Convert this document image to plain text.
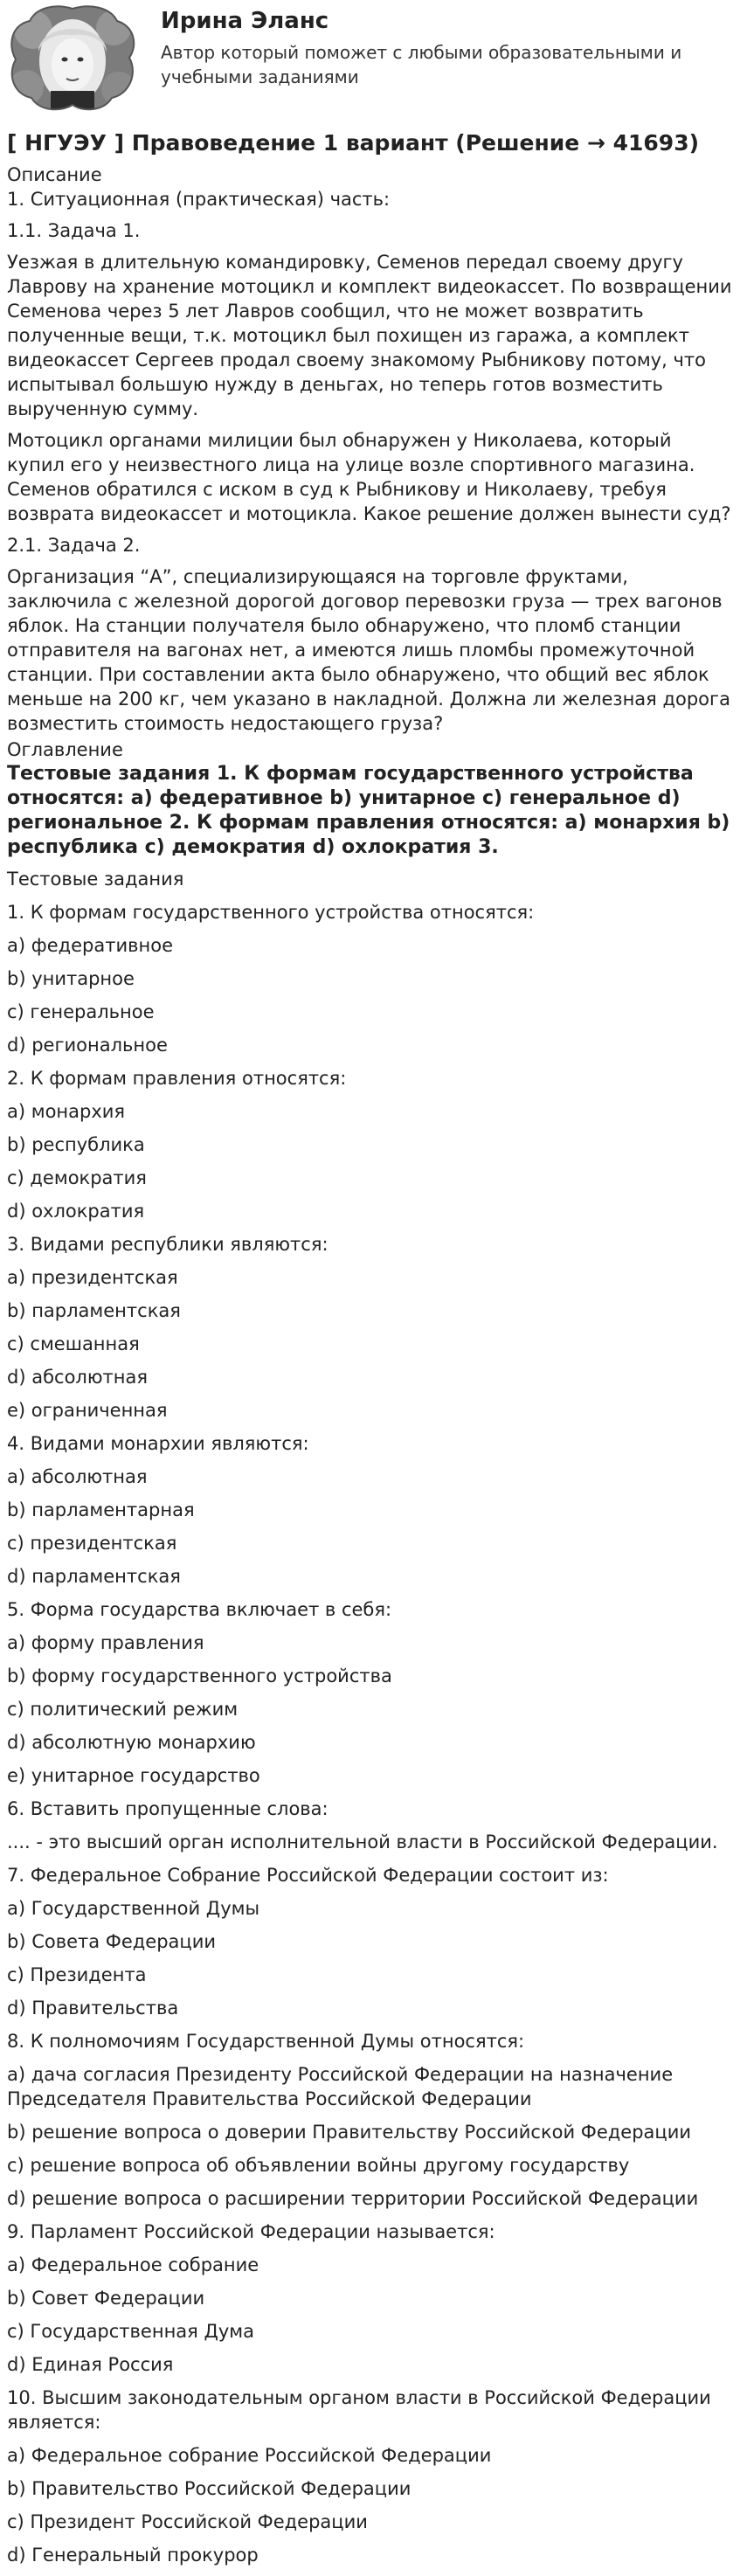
Ирина Эланс
Автор который поможет с любыми образовательными и учебными заданиями
[ НГУЭУ ] Правоведение 1 вариант (Решение → 41693)

Описание

1. Ситуационная (практическая) часть:

1.1. Задача 1.

Уезжая в длительную командировку, Семенов передал своему другу Лаврову на хранение мотоцикл и комплект видеокассет. По возвращении Семенова через 5 лет Лавров сообщил, что не может возвратить полученные вещи, т.к. мотоцикл был похищен из гаража, а комплект видеокассет Сергеев продал своему знакомому Рыбникову потому, что испытывал большую нужду в деньгах, но теперь готов возместить вырученную сумму.

Мотоцикл органами милиции был обнаружен у Николаева, который купил его у неизвестного лица на улице возле спортивного магазина. Семенов обратился с иском в суд к Рыбникову и Николаеву, требуя возврата видеокассет и мотоцикла. Какое решение должен вынести суд?

2.1. Задача 2.

Организация “А”, специализирующаяся на торговле фруктами, заключила с железной дорогой договор перевозки груза — трех вагонов яблок. На станции получателя было обнаружено, что пломб станции отправителя на вагонах нет, а имеются лишь пломбы промежуточной станции. При составлении акта было обнаружено, что общий вес яблок меньше на 200 кг, чем указано в накладной. Должна ли железная дорога возместить стоимость недостающего груза?

Оглавление

Тестовые задания 1. К формам государственного устройства относятся: а) федеративное b) унитарное c) генеральное d) региональное 2. К формам правления относятся: а) монархия b) республика c) демократия d) охлократия 3.

Тестовые задания

1. К формам государственного устройства относятся:

а) федеративное

b) унитарное

c) генеральное

d) региональное

2. К формам правления относятся:

а) монархия

b) республика

c) демократия

d) охлократия

3. Видами республики являются:

а) президентская

b) парламентская

c) смешанная

d) абсолютная

e) ограниченная

4. Видами монархии являются:

а) абсолютная

b) парламентарная

c) президентская

d) парламентская

5. Форма государства включает в себя:

а) форму правления

b) форму государственного устройства

c) политический режим

d) абсолютную монархию

e) унитарное государство

6. Вставить пропущенные слова:

.... - это высший орган исполнительной власти в Российской Федерации.

7. Федеральное Собрание Российской Федерации состоит из:

а) Государственной Думы

b) Совета Федерации

c) Президента

d) Правительства

8. К полномочиям Государственной Думы относятся:

а) дача согласия Президенту Российской Федерации на назначение Председателя Правительства Российской Федерации

b) решение вопроса о доверии Правительству Российской Федерации

c) решение вопроса об объявлении войны другому государству

d) решение вопроса о расширении территории Российской Федерации

9. Парламент Российской Федерации называется:

а) Федеральное собрание

b) Совет Федерации

c) Государственная Дума

d) Единая Россия

10. Высшим законодательным органом власти в Российской Федерации является:

а) Федеральное собрание Российской Федерации

b) Правительство Российской Федерации

c) Президент Российской Федерации

d) Генеральный прокурор
